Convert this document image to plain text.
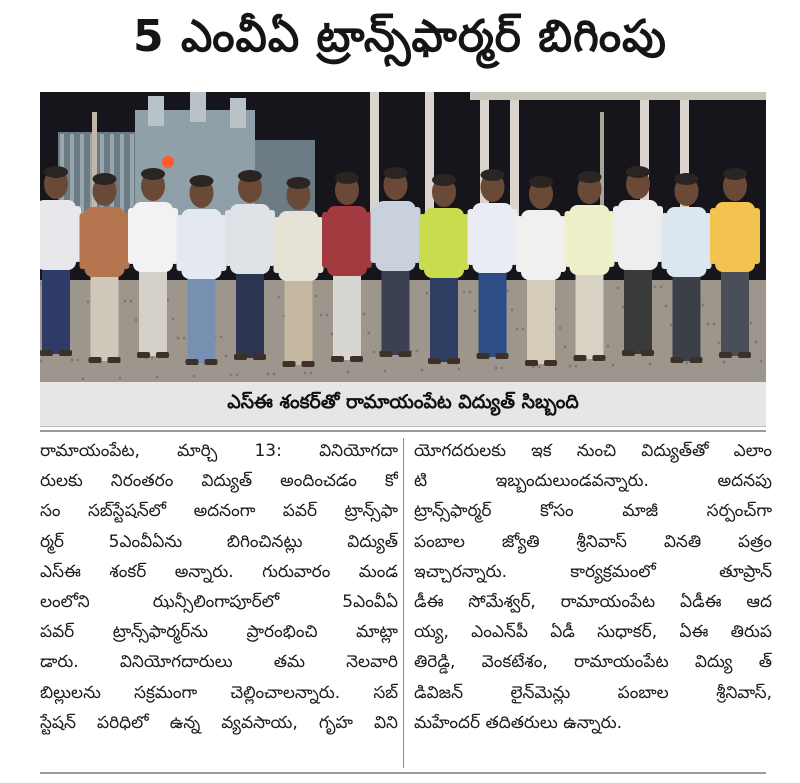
5 ఎంవీఏ ట్రాన్స్‌ఫార్మర్ బిగింపు
ఎస్ఈ శంకర్‌తో రామాయంపేట విద్యుత్ సిబ్బంది
రామాయంపేట, మార్చి 13: వినియోగదా
రులకు నిరంతరం విద్యుత్ అందించడం కో
సం సబ్‌స్టేషన్‌లో అదనంగా పవర్ ట్రాన్స్‌ఫా
ర్మర్ 5ఎంవీఏను బిగించినట్లు విద్యుత్
ఎస్ఈ శంకర్ అన్నారు. గురువారం మండ
లంలోని ఝన్సీలింగాపూర్‌లో 5ఎంవీఏ
పవర్ ట్రాన్స్‌ఫార్మర్‌ను ప్రారంభించి మాట్లా
డారు. వినియోగదారులు తమ నెలవారి
బిల్లులను సక్రమంగా చెల్లించాలన్నారు. సబ్
స్టేషన్ పరిధిలో ఉన్న వ్యవసాయ, గృహ విని
యోగదరులకు ఇక నుంచి విద్యుత్‌తో ఎలాం
టి ఇబ్బందులుండవన్నారు. అదనపు
ట్రాన్స్‌ఫార్మర్ కోసం మాజీ సర్పంచ్‌గా
పంబాల జ్యోతి శ్రీనివాస్ వినతి పత్రం
ఇచ్చారన్నారు. కార్యక్రమంలో తూప్రాన్
డీఈ సోమేశ్వర్, రామాయంపేట ఏడీఈ ఆద
య్య, ఎంఎన్‌పీ ఏడీ సుధాకర్, ఏఈ తిరుప
తిరెడ్డి, వెంకటేశం, రామాయంపేట విద్యు త్
డివిజన్ లైన్‌మెన్లు పంబాల శ్రీనివాస్,
మహేందర్ తదితరులు ఉన్నారు.
